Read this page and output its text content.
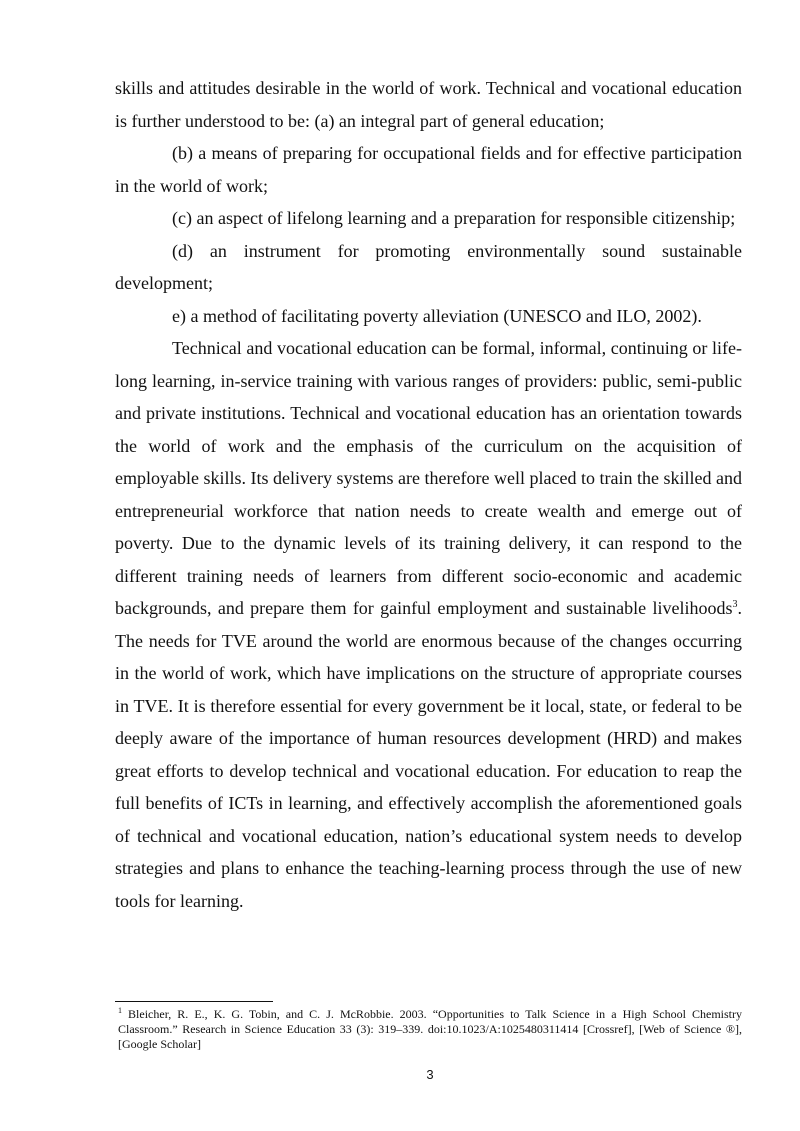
skills and attitudes desirable in the world of work. Technical and vocational education is further understood to be: (a) an integral part of general education;

(b) a means of preparing for occupational fields and for effective participation in the world of work;

(c) an aspect of lifelong learning and a preparation for responsible citizenship;

(d) an instrument for promoting environmentally sound sustainable development;

e) a method of facilitating poverty alleviation (UNESCO and ILO, 2002).

Technical and vocational education can be formal, informal, continuing or life-long learning, in-service training with various ranges of providers: public, semi-public and private institutions. Technical and vocational education has an orientation towards the world of work and the emphasis of the curriculum on the acquisition of employable skills. Its delivery systems are therefore well placed to train the skilled and entrepreneurial workforce that nation needs to create wealth and emerge out of poverty. Due to the dynamic levels of its training delivery, it can respond to the different training needs of learners from different socio-economic and academic backgrounds, and prepare them for gainful employment and sustainable livelihoods$^3$. The needs for TVE around the world are enormous because of the changes occurring in the world of work, which have implications on the structure of appropriate courses in TVE. It is therefore essential for every government be it local, state, or federal to be deeply aware of the importance of human resources development (HRD) and makes great efforts to develop technical and vocational education. For education to reap the full benefits of ICTs in learning, and effectively accomplish the aforementioned goals of technical and vocational education, nation’s educational system needs to develop strategies and plans to enhance the teaching-learning process through the use of new tools for learning.

$^1$ Bleicher, R. E., K. G. Tobin, and C. J. McRobbie. 2003. “Opportunities to Talk Science in a High School Chemistry Classroom.” Research in Science Education 33 (3): 319–339. doi:10.1023/A:1025480311414 [Crossref], [Web of Science ®], [Google Scholar]
3
